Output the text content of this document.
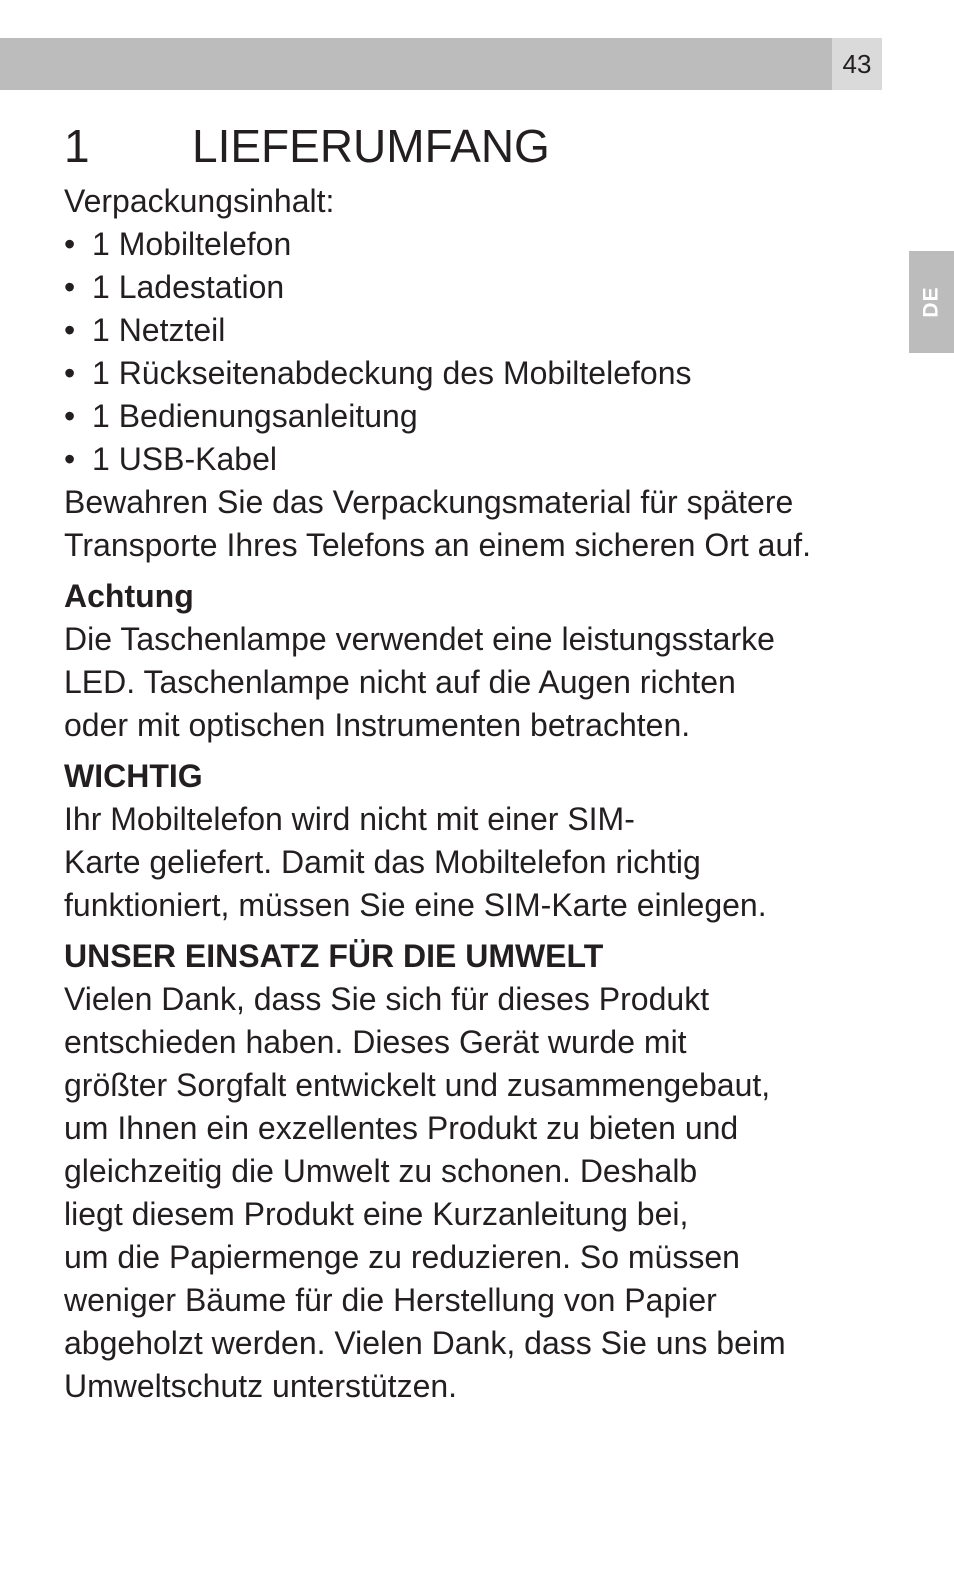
43
DE
1	LIEFERUMFANG

Verpackungsinhalt:

• 1 Mobiltelefon
• 1 Ladestation
• 1 Netzteil
• 1 Rückseitenabdeckung des Mobiltelefons
• 1 Bedienungsanleitung
• 1 USB-Kabel
Bewahren Sie das Verpackungsmaterial für spätere
Transporte Ihres Telefons an einem sicheren Ort auf.
Achtung
Die Taschenlampe verwendet eine leistungsstarke
LED. Taschenlampe nicht auf die Augen richten
oder mit optischen Instrumenten betrachten.
WICHTIG
Ihr Mobiltelefon wird nicht mit einer SIM-
Karte geliefert. Damit das Mobiltelefon richtig
funktioniert, müssen Sie eine SIM-Karte einlegen.
UNSER EINSATZ FÜR DIE UMWELT
Vielen Dank, dass Sie sich für dieses Produkt
entschieden haben. Dieses Gerät wurde mit
größter Sorgfalt entwickelt und zusammengebaut,
um Ihnen ein exzellentes Produkt zu bieten und
gleichzeitig die Umwelt zu schonen. Deshalb
liegt diesem Produkt eine Kurzanleitung bei,
um die Papiermenge zu reduzieren. So müssen
weniger Bäume für die Herstellung von Papier
abgeholzt werden. Vielen Dank, dass Sie uns beim
Umweltschutz unterstützen.
